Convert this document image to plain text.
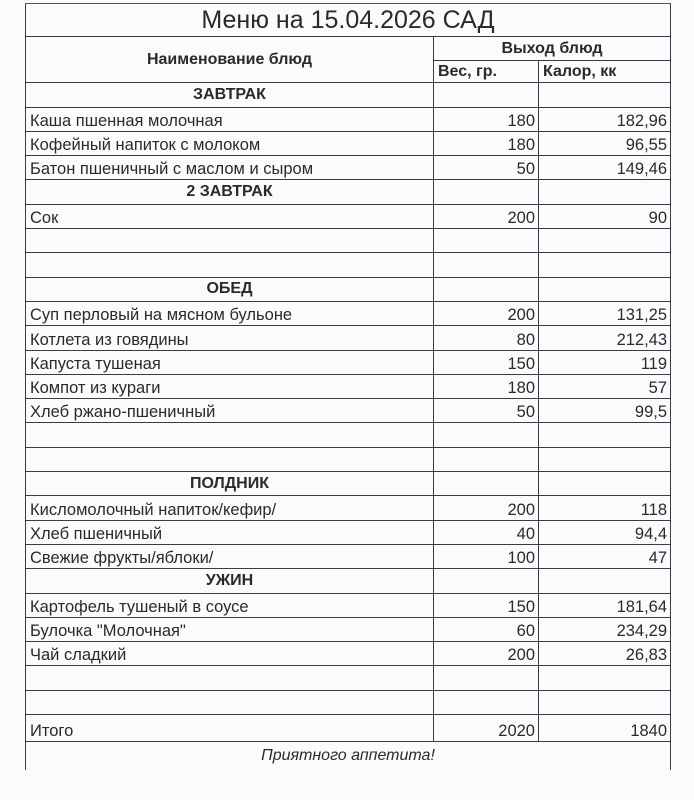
Меню на 15.04.2026 САД		
Наименование блюд	Выход блюд	
	Вес, гр.	Калор, кк
ЗАВТРАК		
Каша пшенная молочная	180	182,96
Кофейный напиток с молоком	180	96,55
Батон пшеничный с маслом и сыром	50	149,46
2 ЗАВТРАК		
Сок	200	90

ОБЕД		
Суп перловый на мясном бульоне	200	131,25
Котлета из говядины	80	212,43
Капуста тушеная	150	119
Компот из кураги	180	57
Хлеб ржано-пшеничный	50	99,5

ПОЛДНИК		
Кисломолочный напиток/кефир/	200	118
Хлеб пшеничный	40	94,4
Свежие фрукты/яблоки/	100	47
УЖИН		
Картофель тушеный в соусе	150	181,64
Булочка "Молочная"	60	234,29
Чай сладкий	200	26,83

Итого	2020	1840
Приятного аппетита!		
